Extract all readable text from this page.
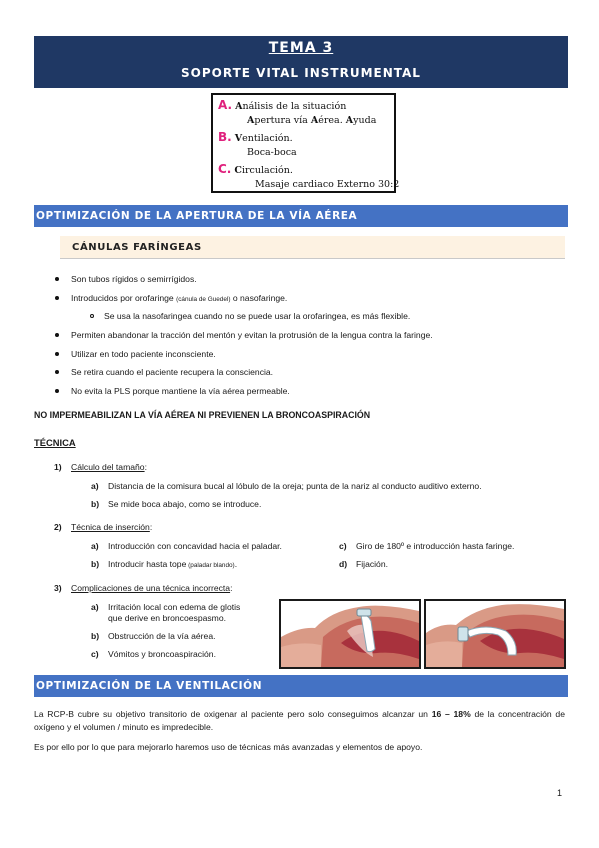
TEMA 3
SOPORTE VITAL INSTRUMENTAL
A. Análisis de la situación
Apertura vía Aérea. Ayuda
B. Ventilación.
Boca-boca
C. Circulación.
Masaje cardiaco Externo 30:2
OPTIMIZACIÓN DE LA APERTURA DE LA VÍA AÉREA
CÁNULAS FARÍNGEAS
Son tubos rígidos o semirrígidos.
Introducidos por orofaringe (cánula de Guedel) o nasofaringe.
Se usa la nasofaringea cuando no se puede usar la orofaringea, es más flexible.
Permiten abandonar la tracción del mentón y evitan la protrusión de la lengua contra la faringe.
Utilizar en todo paciente inconsciente.
Se retira cuando el paciente recupera la consciencia.
No evita la PLS porque mantiene la vía aérea permeable.
NO IMPERMEABILIZAN LA VÍA AÉREA NI PREVIENEN LA BRONCOASPIRACIÓN
TÉCNICA
1) Cálculo del tamaño:
a) Distancia de la comisura bucal al lóbulo de la oreja; punta de la nariz al conducto auditivo externo.
b) Se mide boca abajo, como se introduce.
2) Técnica de inserción:
a) Introducción con concavidad hacia el paladar.
b) Introducir hasta tope (paladar blando).
c) Giro de 180º e introducción hasta faringe.
d) Fijación.
3) Complicaciones de una técnica incorrecta:
a) Irritación local con edema de glotis
que derive en broncoespasmo.
b) Obstrucción de la vía aérea.
c) Vómitos y broncoaspiración.
OPTIMIZACIÓN DE LA VENTILACIÓN
La RCP-B cubre su objetivo transitorio de oxigenar al paciente pero solo conseguimos alcanzar un 16 – 18% de la concentración de oxígeno y el volumen / minuto es impredecible.
Es por ello por lo que para mejorarlo haremos uso de técnicas más avanzadas y elementos de apoyo.
1
